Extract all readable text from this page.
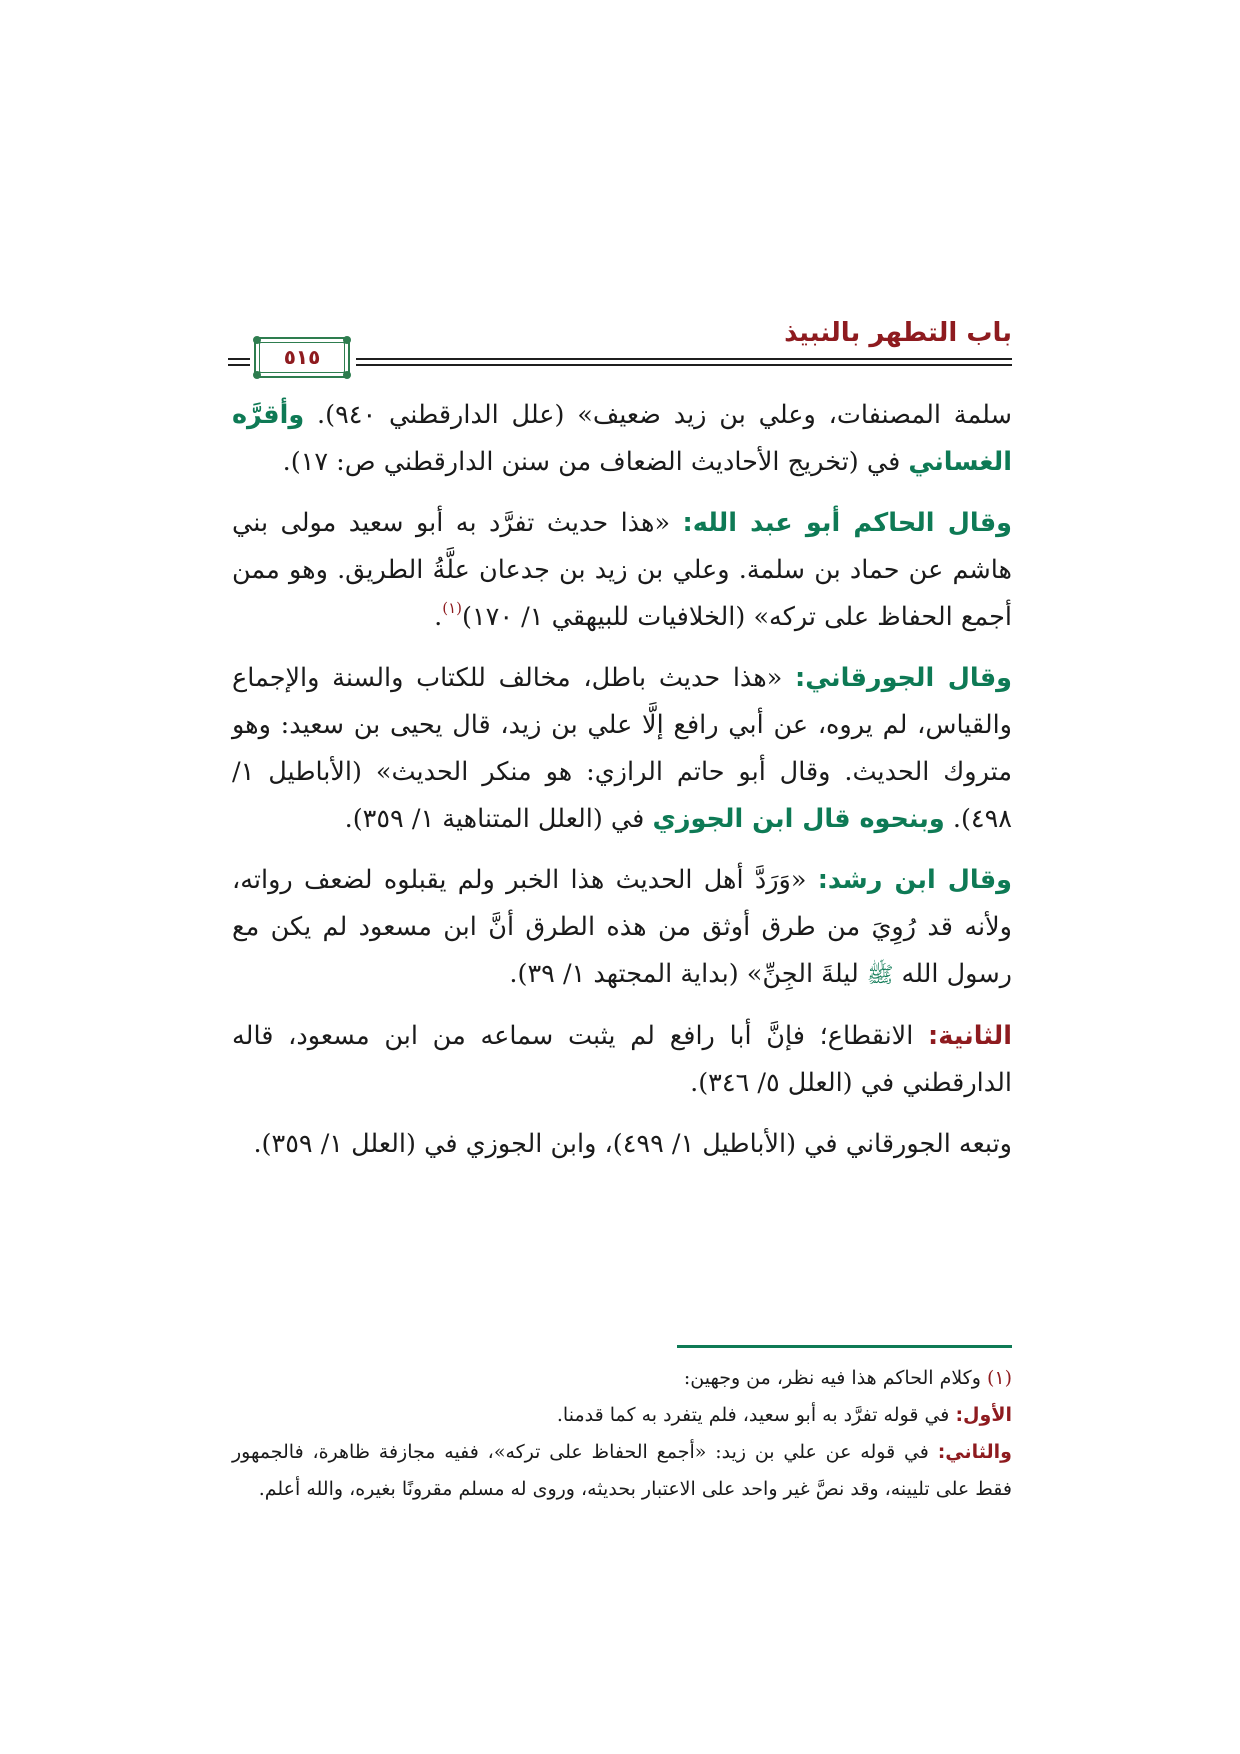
باب التطهر بالنبيذ
٥١٥

سلمة المصنفات، وعلي بن زيد ضعيف» (علل الدارقطني ٩٤٠). وأقرَّه الغساني في (تخريج الأحاديث الضعاف من سنن الدارقطني ص: ١٧).

وقال الحاكم أبو عبد الله: «هذا حديث تفرَّد به أبو سعيد مولى بني هاشم عن حماد بن سلمة. وعلي بن زيد بن جدعان علَّةُ الطريق. وهو ممن أجمع الحفاظ على تركه» (الخلافيات للبيهقي ١/ ١٧٠)$^{(١)}$.

وقال الجورقاني: «هذا حديث باطل، مخالف للكتاب والسنة والإجماع والقياس، لم يروه، عن أبي رافع إلَّا علي بن زيد، قال يحيى بن سعيد: وهو متروك الحديث. وقال أبو حاتم الرازي: هو منكر الحديث» (الأباطيل ١/ ٤٩٨). وبنحوه قال ابن الجوزي في (العلل المتناهية ١/ ٣٥٩).

وقال ابن رشد: «وَرَدَّ أهل الحديث هذا الخبر ولم يقبلوه لضعف رواته، ولأنه قد رُوِيَ من طرق أوثق من هذه الطرق أنَّ ابن مسعود لم يكن مع رسول الله ﷺ ليلةَ الجِنِّ» (بداية المجتهد ١/ ٣٩).

الثانية: الانقطاع؛ فإنَّ أبا رافع لم يثبت سماعه من ابن مسعود، قاله الدارقطني في (العلل ٥/ ٣٤٦).

وتبعه الجورقاني في (الأباطيل ١/ ٤٩٩)، وابن الجوزي في (العلل ١/ ٣٥٩).

(١) وكلام الحاكم هذا فيه نظر، من وجهين:

الأول: في قوله تفرَّد به أبو سعيد، فلم يتفرد به كما قدمنا.

والثاني: في قوله عن علي بن زيد: «أجمع الحفاظ على تركه»، ففيه مجازفة ظاهرة، فالجمهور فقط على تليينه، وقد نصَّ غير واحد على الاعتبار بحديثه، وروى له مسلم مقرونًا بغيره، والله أعلم.
